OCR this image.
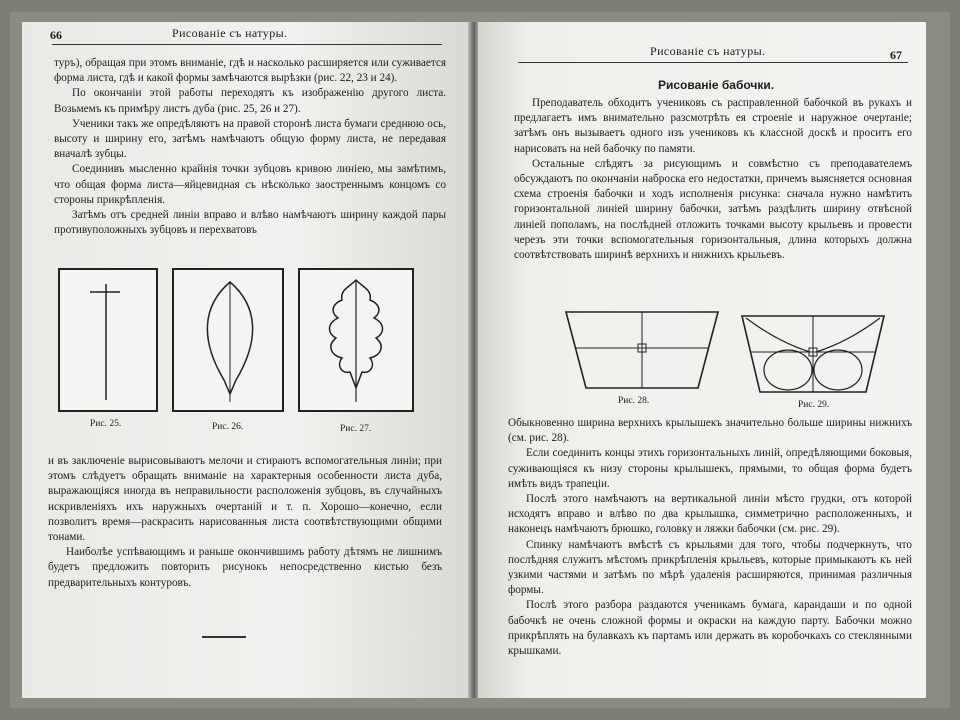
66	Рисованіе съ натуры.

туръ), обращая при этомъ вниманіе, гдѣ и насколько расширяется или суживается форма листа, гдѣ и какой формы замѣчаются вырѣзки (рис. 22, 23 и 24).

По окончаніи этой работы переходятъ къ изображенію другого листа. Возьмемъ къ примѣру листъ дуба (рис. 25, 26 и 27).

Ученики такъ же опредѣляютъ на правой сторонѣ листа бумаги среднюю ось, высоту и ширину его, затѣмъ намѣчаютъ общую форму листа, не передавая вначалѣ зубцы.

Соединивъ мысленно крайнія точки зубцовъ кривою линіею, мы замѣтимъ, что общая форма листа—яйцевидная съ нѣсколько заостреннымъ концомъ со стороны прикрѣпленія.

Затѣмъ отъ средней линіи вправо и влѣво намѣчаютъ ширину каждой пары противуположныхъ зубцовъ и перехватовъ

Рис. 25.	Рис. 26.	Рис. 27.

и въ заключеніе вырисовываютъ мелочи и стираютъ вспомогательныя линіи; при этомъ слѣдуетъ обращать вниманіе на характерныя особенности листа дуба, выражающіяся иногда въ неправильности расположенія зубцовъ, въ случайныхъ искривленіяхъ ихъ наружныхъ очертаній и т. п. Хорошо—конечно, если позволитъ время—раскрасить нарисованныя листа соотвѣтствующими общими тонами.

Наиболѣе успѣвающимъ и раньше окончившимъ работу дѣтямъ не лишнимъ будетъ предложить повторить рисунокъ непосредственно кистью безъ предварительныхъ контуровъ.

Рисованіе съ натуры.	67
Рисованіе бабочки.

Преподаватель обходитъ учениковъ съ расправленной бабочкой въ рукахъ и предлагаетъ имъ внимательно разсмотрѣть ея строеніе и наружное очертаніе; затѣмъ онъ вызываетъ одного изъ учениковъ къ классной доскѣ и проситъ его нарисовать на ней бабочку по памяти.

Остальные слѣдятъ за рисующимъ и совмѣстно съ преподавателемъ обсуждаютъ по окончаніи наброска его недостатки, причемъ выясняется основная схема строенія бабочки и ходъ исполненія рисунка: сначала нужно намѣтить горизонтальной линіей ширину бабочки, затѣмъ раздѣлить ширину отвѣсной линіей пополамъ, на послѣдней отложить точками высоту крыльевъ и провести черезъ эти точки вспомогательныя горизонтальныя, длина которыхъ должна соотвѣтствовать ширинѣ верхнихъ и нижнихъ крыльевъ.

Рис. 28.	Рис. 29.

Обыкновенно ширина верхнихъ крылышекъ значительно больше ширины нижнихъ (см. рис. 28).

Если соединить концы этихъ горизонтальныхъ линій, опредѣляющими боковыя, суживающіяся къ низу стороны крылышекъ, прямыми, то общая форма будетъ имѣть видъ трапеціи.

Послѣ этого намѣчаютъ на вертикальной линіи мѣсто грудки, отъ которой исходятъ вправо и влѣво по два крылышка, симметрично расположенныхъ, и наконецъ намѣчаютъ брюшко, головку и ляжки бабочки (см. рис. 29).

Спинку намѣчаютъ вмѣстѣ съ крыльями для того, чтобы подчеркнуть, что послѣдняя служитъ мѣстомъ прикрѣпленія крыльевъ, которые примыкаютъ къ ней узкими частями и затѣмъ по мѣрѣ удаленія расширяются, принимая различныя формы.

Послѣ этого разбора раздаются ученикамъ бумага, карандаши и по одной бабочкѣ не очень сложной формы и окраски на каждую парту. Бабочки можно прикрѣплять на булавкахъ къ партамъ или держать въ коробочкахъ со стеклянными крышками.
